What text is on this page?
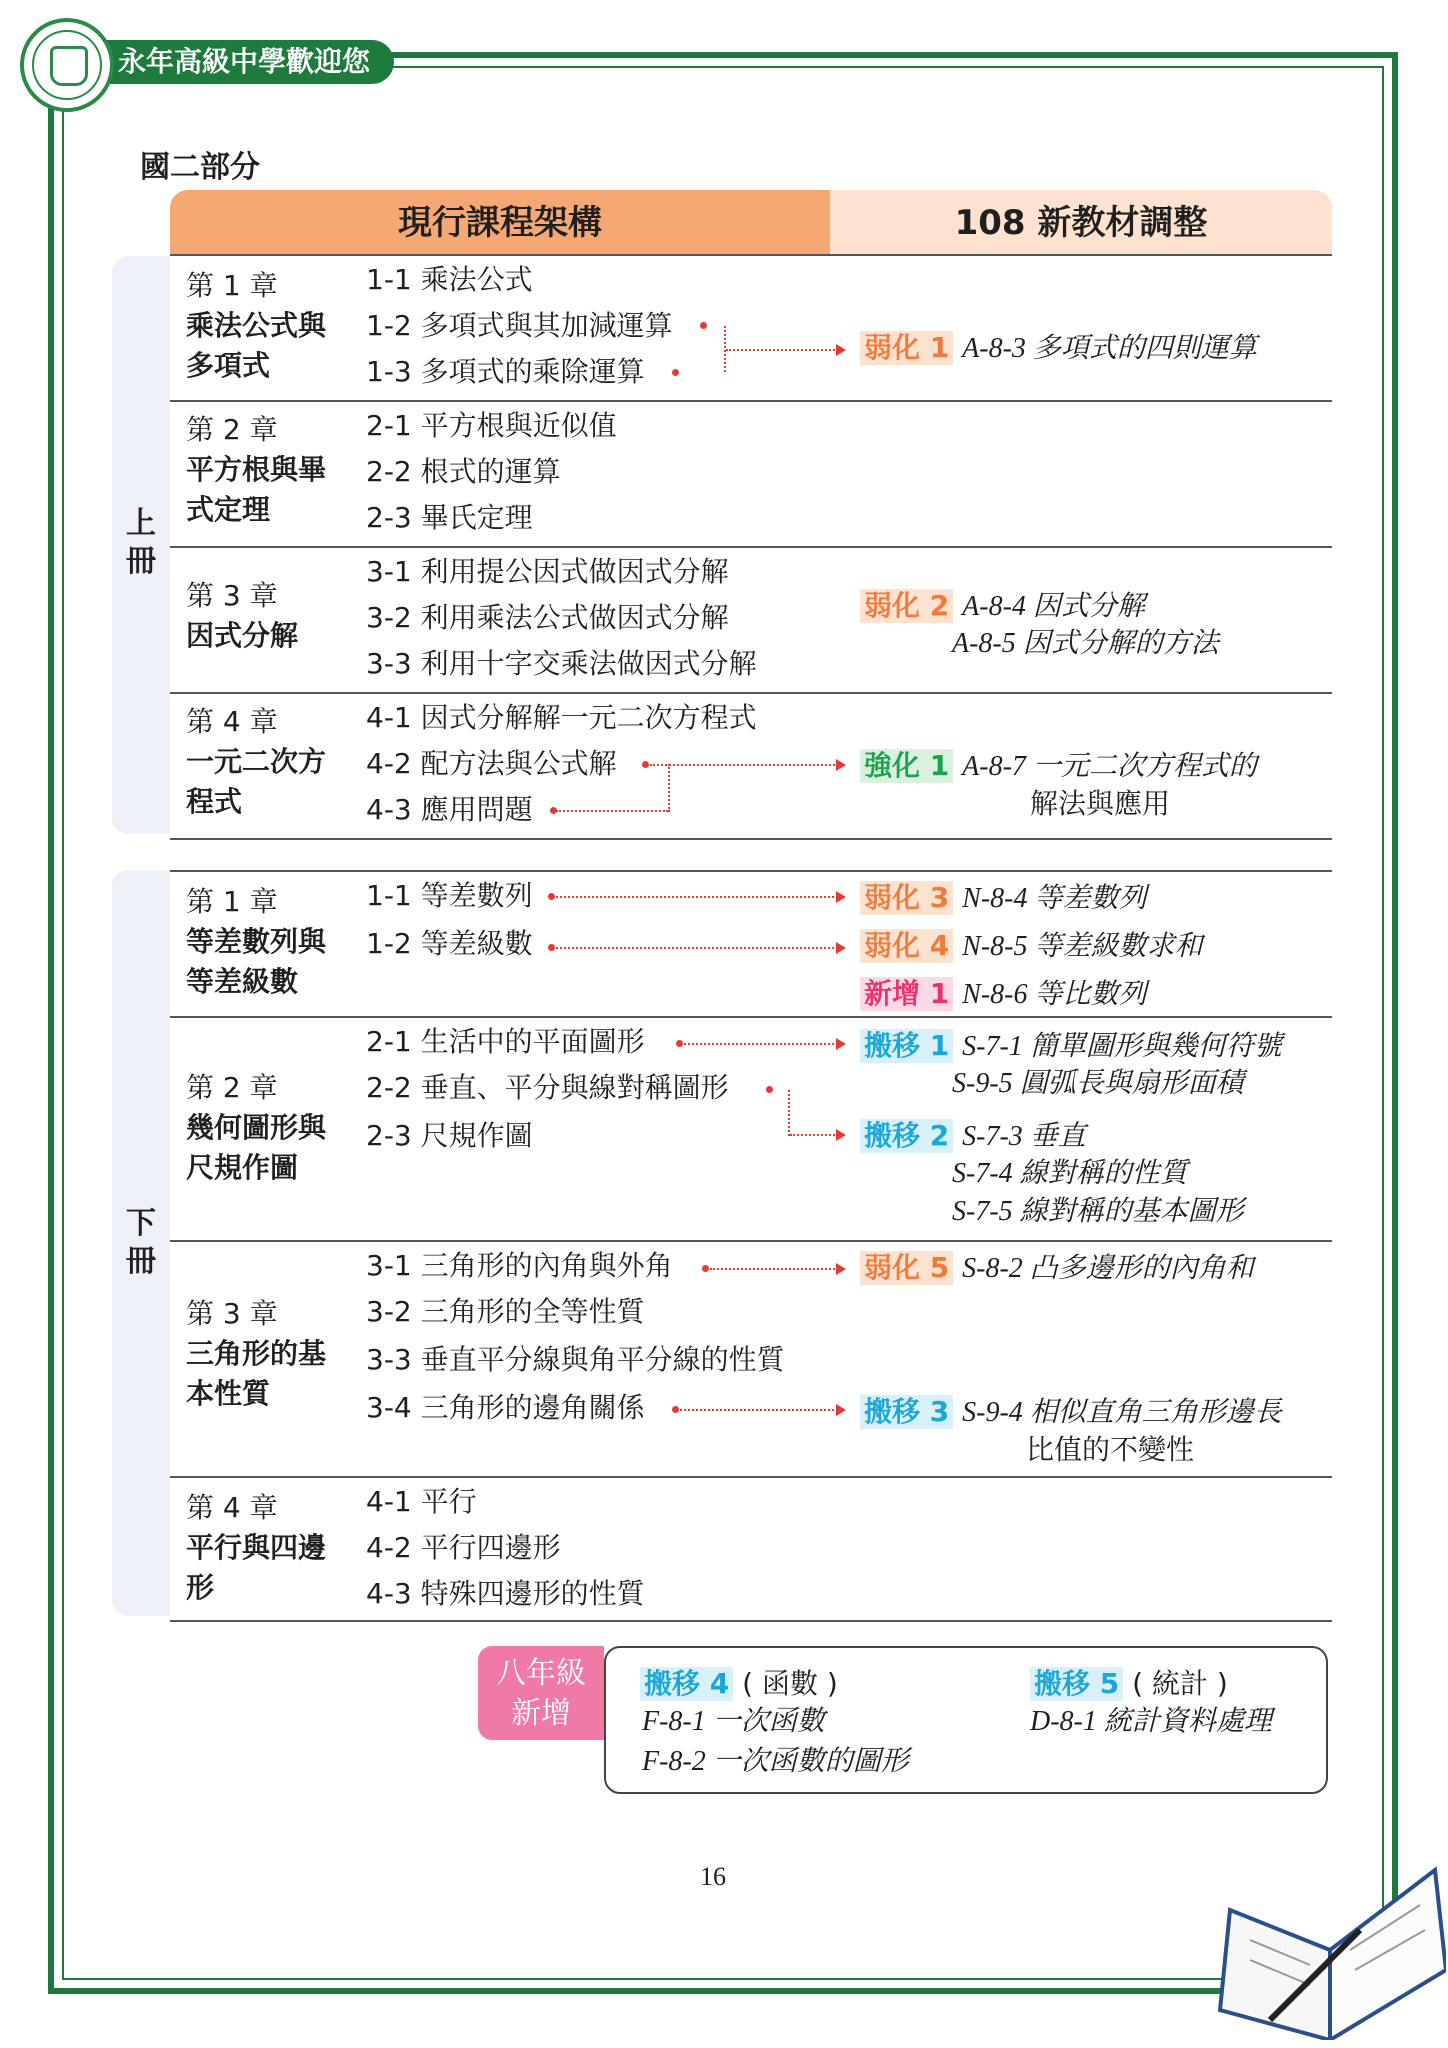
永年高級中學歡迎您
國二部分
現行課程架構	108 新教材調整
上冊
下冊
第 1 章
乘法公式與
多項式
1-1 乘法公式
1-2 多項式與其加減運算
1-3 多項式的乘除運算
弱化 1 A-8-3 多項式的四則運算
第 2 章
平方根與畢
式定理
2-1 平方根與近似值
2-2 根式的運算
2-3 畢氏定理
第 3 章
因式分解
3-1 利用提公因式做因式分解
3-2 利用乘法公式做因式分解
3-3 利用十字交乘法做因式分解
弱化 2 A-8-4 因式分解
A-8-5 因式分解的方法
第 4 章
一元二次方
程式
4-1 因式分解解一元二次方程式
4-2 配方法與公式解
4-3 應用問題
強化 1 A-8-7 一元二次方程式的
解法與應用
第 1 章
等差數列與
等差級數
1-1 等差數列
1-2 等差級數
弱化 3 N-8-4 等差數列
弱化 4 N-8-5 等差級數求和
新增 1 N-8-6 等比數列
第 2 章
幾何圖形與
尺規作圖
2-1 生活中的平面圖形
2-2 垂直、平分與線對稱圖形
2-3 尺規作圖
搬移 1 S-7-1 簡單圖形與幾何符號
S-9-5 圓弧長與扇形面積
搬移 2 S-7-3 垂直
S-7-4 線對稱的性質
S-7-5 線對稱的基本圖形
第 3 章
三角形的基
本性質
3-1 三角形的內角與外角
3-2 三角形的全等性質
3-3 垂直平分線與角平分線的性質
3-4 三角形的邊角關係
弱化 5 S-8-2 凸多邊形的內角和
搬移 3 S-9-4 相似直角三角形邊長
比值的不變性
第 4 章
平行與四邊
形
4-1 平行
4-2 平行四邊形
4-3 特殊四邊形的性質
八年級
新增
搬移 4 ( 函數 )
F-8-1 一次函數
F-8-2 一次函數的圖形
搬移 5 ( 統計 )
D-8-1 統計資料處理
16
